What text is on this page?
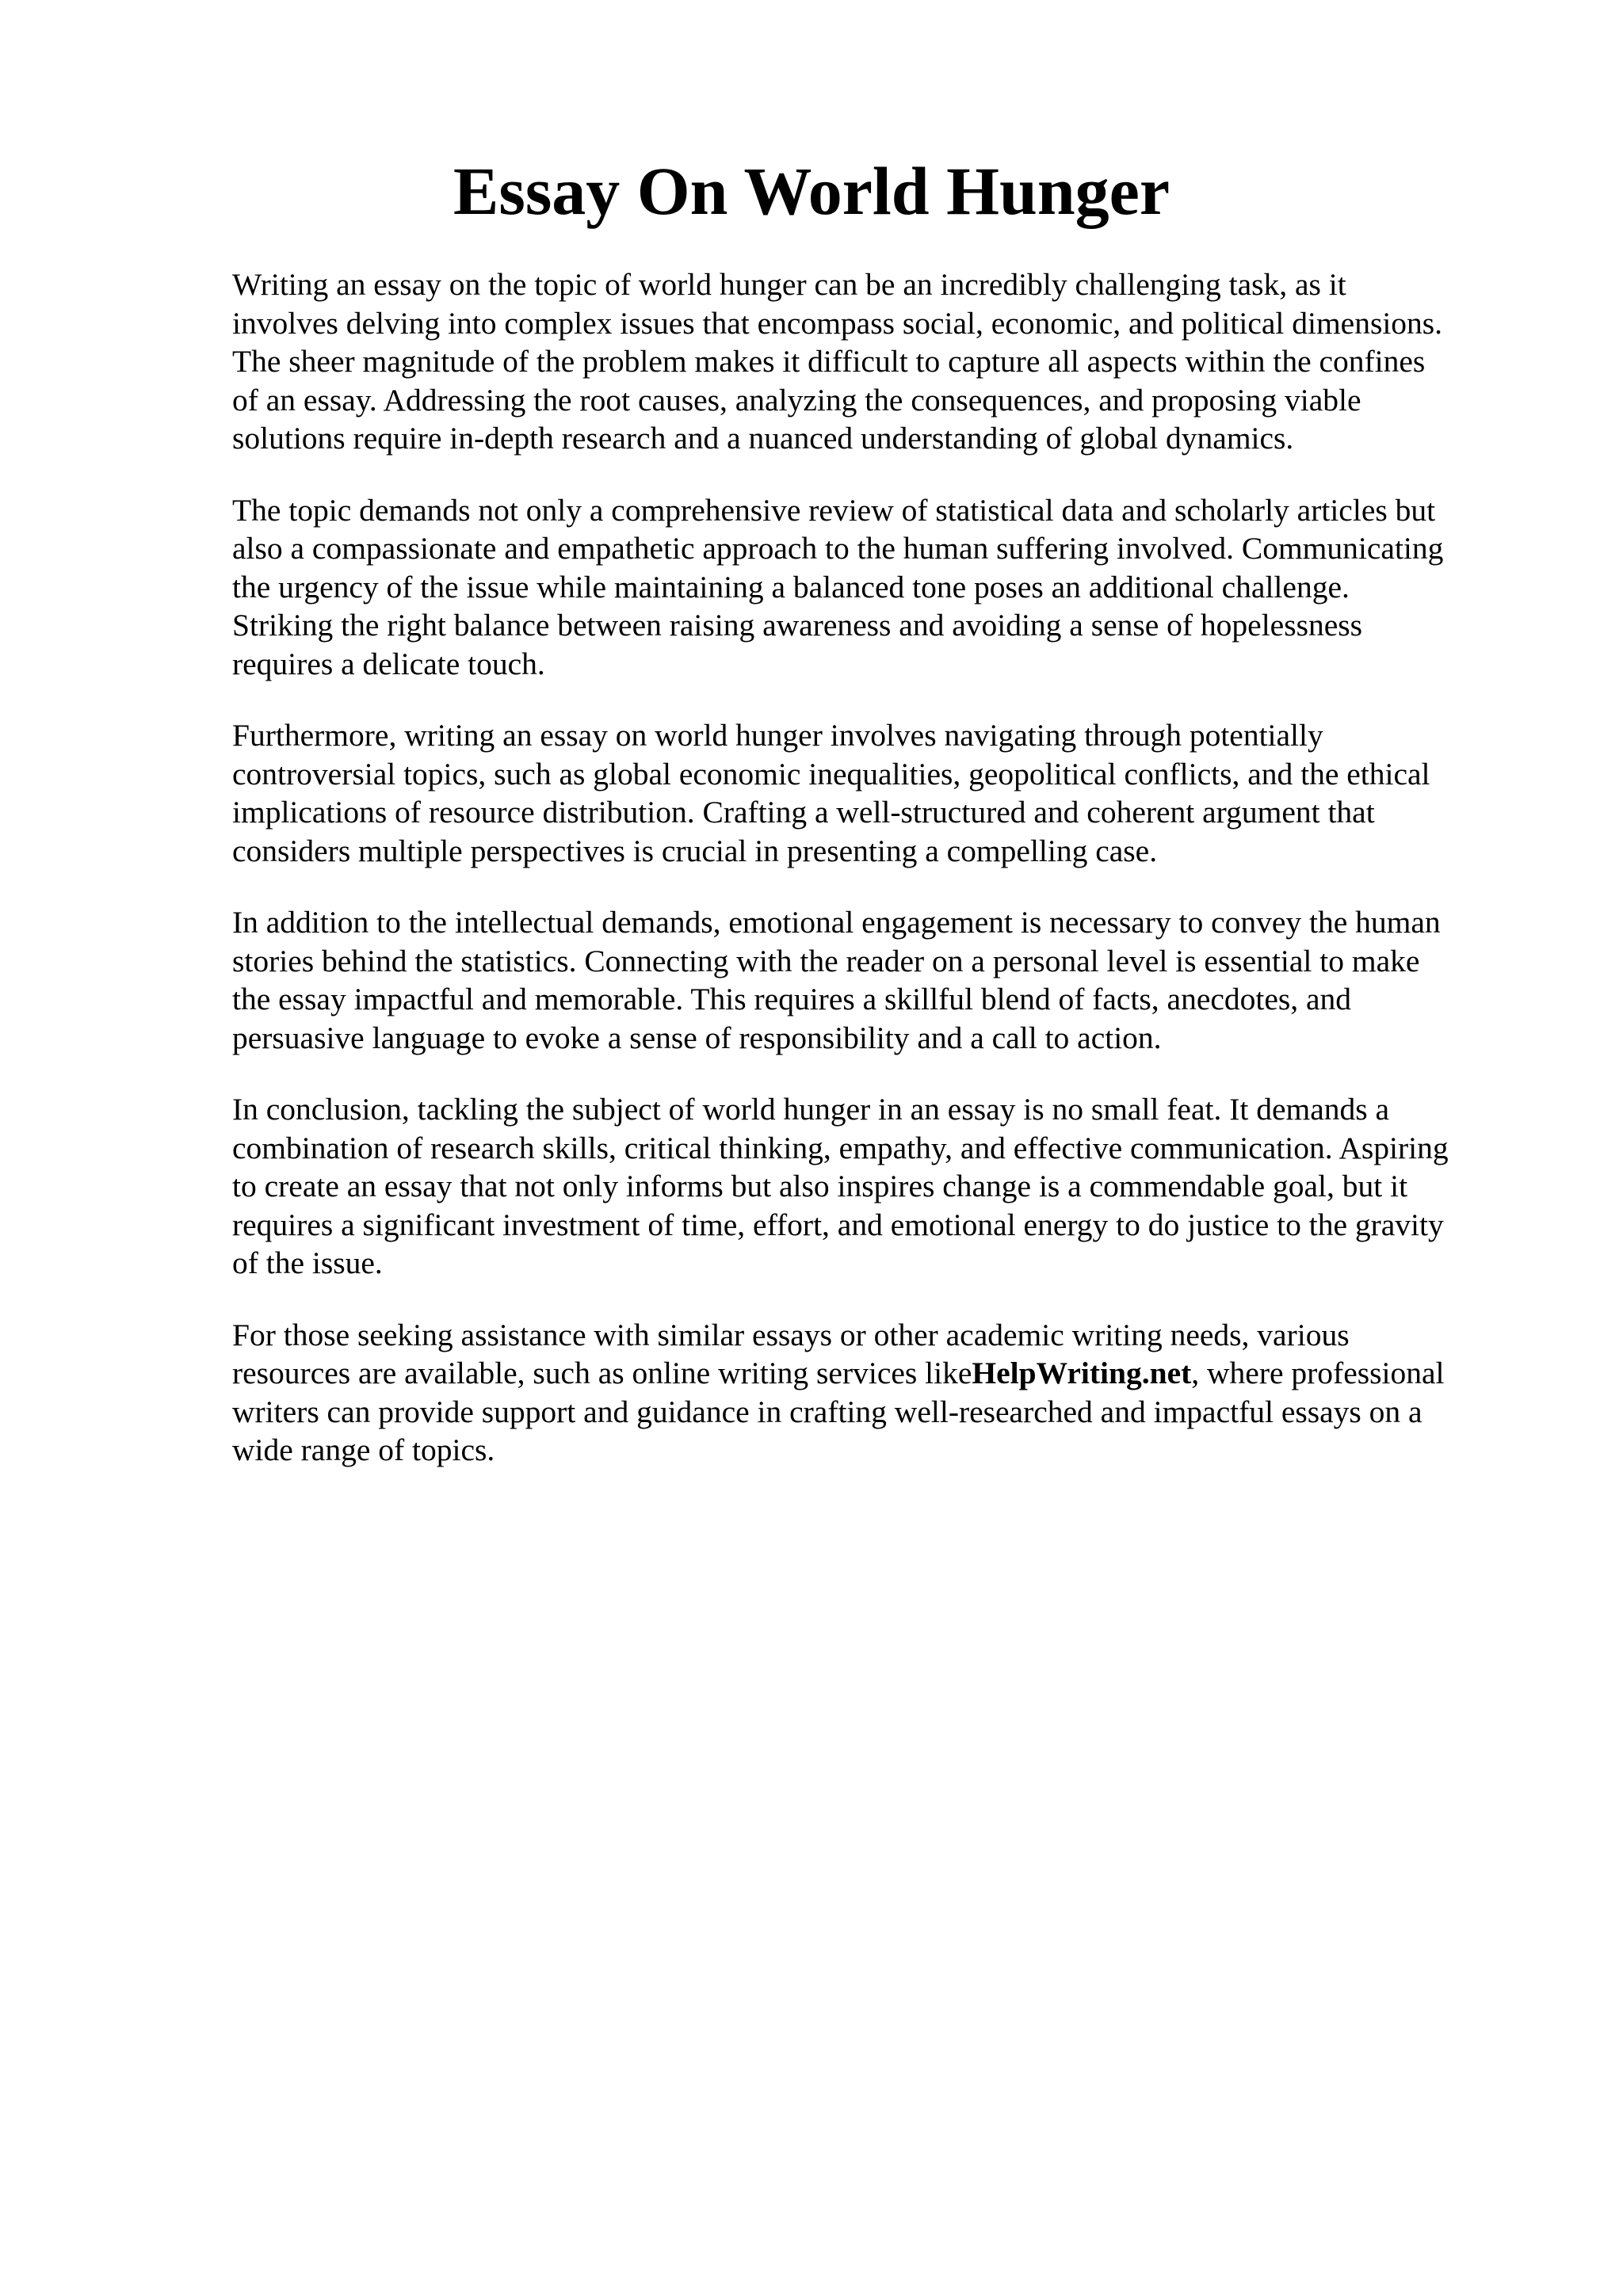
Essay On World Hunger

Writing an essay on the topic of world hunger can be an incredibly challenging task, as it
involves delving into complex issues that encompass social, economic, and political dimensions.
The sheer magnitude of the problem makes it difficult to capture all aspects within the confines
of an essay. Addressing the root causes, analyzing the consequences, and proposing viable
solutions require in-depth research and a nuanced understanding of global dynamics.

The topic demands not only a comprehensive review of statistical data and scholarly articles but
also a compassionate and empathetic approach to the human suffering involved. Communicating
the urgency of the issue while maintaining a balanced tone poses an additional challenge.
Striking the right balance between raising awareness and avoiding a sense of hopelessness
requires a delicate touch.

Furthermore, writing an essay on world hunger involves navigating through potentially
controversial topics, such as global economic inequalities, geopolitical conflicts, and the ethical
implications of resource distribution. Crafting a well-structured and coherent argument that
considers multiple perspectives is crucial in presenting a compelling case.

In addition to the intellectual demands, emotional engagement is necessary to convey the human
stories behind the statistics. Connecting with the reader on a personal level is essential to make
the essay impactful and memorable. This requires a skillful blend of facts, anecdotes, and
persuasive language to evoke a sense of responsibility and a call to action.

In conclusion, tackling the subject of world hunger in an essay is no small feat. It demands a
combination of research skills, critical thinking, empathy, and effective communication. Aspiring
to create an essay that not only informs but also inspires change is a commendable goal, but it
requires a significant investment of time, effort, and emotional energy to do justice to the gravity
of the issue.

For those seeking assistance with similar essays or other academic writing needs, various
resources are available, such as online writing services likeHelpWriting.net, where professional
writers can provide support and guidance in crafting well-researched and impactful essays on a
wide range of topics.
